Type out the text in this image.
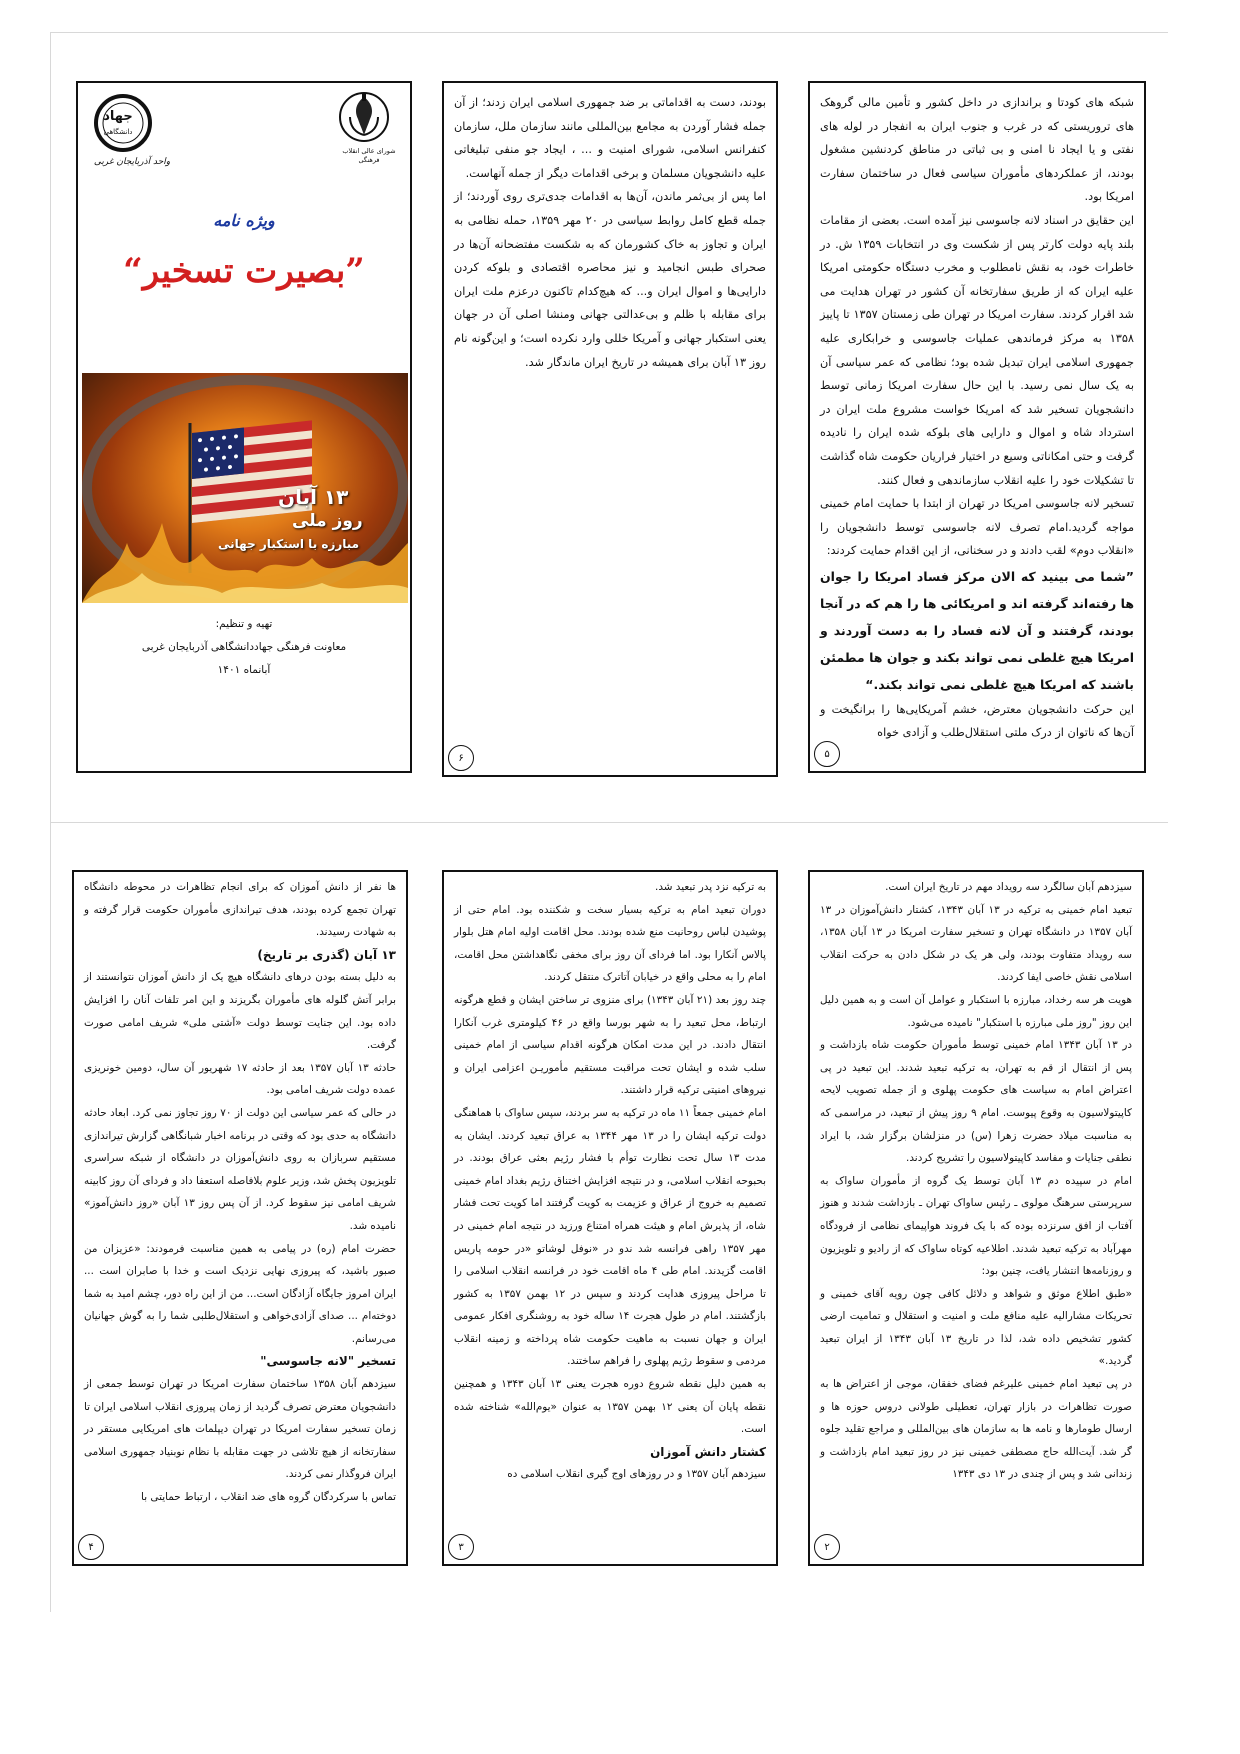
جهاد
دانشگاهی
واحد آذربایجان غربی
شورای عالی انقلاب فرهنگی
ویژه نامه
”بصیرت تسخیر“
۱۳ آبان
روز ملی
مبارزه با استکبار جهانی
تهیه و تنظیم:
معاونت فرهنگی جهاددانشگاهی آذربایجان غربی
آبانماه ۱۴۰۱

بودند، دست به اقداماتی بر ضد جمهوری اسلامی ایران زدند؛ از آن جمله فشار آوردن به مجامع بین‌المللی مانند سازمان ملل، سازمان کنفرانس اسلامی، شورای امنیت و ... ، ایجاد جو منفی تبلیغاتی علیه دانشجویان مسلمان و برخی اقدامات دیگر از جمله آنهاست.

اما پس از بی‌ثمر ماندن، آن‌ها به اقدامات جدی‌تری روی آوردند؛ از جمله قطع کامل روابط سیاسی در ۲۰ مهر ۱۳۵۹، حمله نظامی به ایران و تجاوز به خاک کشورمان که به شکست مفتضحانه آن‌ها در صحرای طبس انجامید و نیز محاصره اقتصادی و بلوکه کردن دارایی‌ها و اموال ایران و... که هیچ‌کدام تاکنون درعزم ملت ایران برای مقابله با ظلم و بی‌عدالتی جهانی ومنشا اصلی آن در جهان یعنی استکبار جهانی و آمریکا خللی وارد نکرده است؛ و این‌گونه نام روز ۱۳ آبان برای همیشه در تاریخ ایران ماندگار شد.

۶

شبکه های کودتا و براندازی در داخل کشور و تأمین مالی گروهک های تروریستی که در غرب و جنوب ایران به انفجار در لوله های نفتی و یا ایجاد نا امنی و بی ثباتی در مناطق کردنشین مشغول بودند، از عملکردهای مأموران سیاسی فعال در ساختمان سفارت امریکا بود.

این حقایق در اسناد لانه جاسوسی نیز آمده است. بعضی از مقامات بلند پایه دولت کارتر پس از شکست وی در انتخابات ۱۳۵۹ ش. در خاطرات خود، به نقش نامطلوب و مخرب دستگاه حکومتی امریکا علیه ایران که از طریق سفارتخانه آن کشور در تهران هدایت می شد اقرار کردند. سفارت امریکا در تهران طی زمستان ۱۳۵۷ تا پاییز ۱۳۵۸ به مرکز فرماندهی عملیات جاسوسی و خرابکاری علیه جمهوری اسلامی ایران تبدیل شده بود؛ نظامی که عمر سیاسی آن به یک سال نمی رسید. با این حال سفارت امریکا زمانی توسط دانشجویان تسخیر شد که امریکا خواست مشروع ملت ایران در استرداد شاه و اموال و دارایی های بلوکه شده ایران را نادیده گرفت و حتی امکاناتی وسیع در اختیار فراریان حکومت شاه گذاشت تا تشکیلات خود را علیه انقلاب سازماندهی و فعال کنند.

تسخیر لانه جاسوسی امریکا در تهران از ابتدا با حمایت امام خمینی مواجه گردید.امام تصرف لانه جاسوسی توسط دانشجویان را «انقلاب دوم» لقب دادند و در سخنانی، از این اقدام حمایت کردند:

”شما می بینید که الان مرکز فساد امریکا را جوان ها رفته‌اند گرفته اند و امریکائی ها را هم که در آنجا بودند، گرفتند و آن لانه فساد را به دست آوردند و امریکا هیچ غلطی نمی تواند بکند و جوان ها مطمئن باشند که امریکا هیچ غلطی نمی تواند بکند.“

این حرکت دانشجویان معترض، خشم آمریکایی‌ها را برانگیخت و آن‌ها که ناتوان از درک ملتی استقلال‌طلب و آزادی خواه

۵

ها نفر از دانش آموزان که برای انجام تظاهرات در محوطه دانشگاه تهران تجمع کرده بودند، هدف تیراندازی مأموران حکومت قرار گرفته و به شهادت رسیدند.

۱۳ آبان (گذری بر تاریخ)

به دلیل بسته بودن درهای دانشگاه هیچ یک از دانش آموزان نتوانستند از برابر آتش گلوله های مأموران بگریزند و این امر تلفات آنان را افزایش داده بود. این جنایت توسط دولت «آشتی ملی» شریف امامی صورت گرفت.

حادثه ۱۳ آبان ۱۳۵۷ بعد از حادثه ۱۷ شهریور آن سال، دومین خونریزی عمده دولت شریف امامی بود.

در حالی که عمر سیاسی این دولت از ۷۰ روز تجاوز نمی کرد. ابعاد حادثه دانشگاه به حدی بود که وقتی در برنامه اخبار شبانگاهی گزارش تیراندازی مستقیم سربازان به روی دانش‌آموزان در دانشگاه از شبکه سراسری تلویزیون پخش شد، وزیر علوم بلافاصله استعفا داد و فردای آن روز کابینه شریف امامی نیز سقوط کرد. از آن پس روز ۱۳ آبان «روز دانش‌آموز» نامیده شد.

حضرت امام (ره) در پیامی به همین مناسبت فرمودند: «عزیزان من صبور باشید، که پیروزی نهایی نزدیک است و خدا با صابران است ... ایران امروز جایگاه آزادگان است... من از این راه دور، چشم امید به شما دوخته‌ام ... صدای آزادی‌خواهی و استقلال‌طلبی شما را به گوش جهانیان می‌رسانم.

تسخیر "لانه جاسوسی"

سیزدهم آبان ۱۳۵۸ ساختمان سفارت امریکا در تهران توسط جمعی از دانشجویان معترض تصرف گردید از زمان پیروزی انقلاب اسلامی ایران تا زمان تسخیر سفارت امریکا در تهران دیپلمات های امریکایی مستقر در سفارتخانه از هیچ تلاشی در جهت مقابله با نظام نوبنیاد جمهوری اسلامی ایران فروگذار نمی کردند.

تماس با سرکردگان گروه های ضد انقلاب ، ارتباط حمایتی با

۴

به ترکیه نزد پدر تبعید شد.

دوران تبعید امام به ترکیه بسیار سخت و شکننده بود. امام حتی از پوشیدن لباس روحانیت منع شده بودند. محل اقامت اولیه امام هتل بلوار پالاس آنکارا بود. اما فردای آن روز برای مخفی نگاهداشتن محل اقامت، امام را به محلی واقع در خیابان آتاترک منتقل کردند.

چند روز بعد (۲۱ آبان ۱۳۴۳) برای منزوی تر ساختن ایشان و قطع هرگونه ارتباط، محل تبعید را به شهر بورسا واقع در ۴۶ کیلومتری غرب آنکارا انتقال دادند. در این مدت امکان هرگونه اقدام سیاسی از امام خمینی سلب شده و ایشان تحت مراقبت مستقیم مأموریـن اعزامی ایران و نیروهای امنیتی ترکیه قرار داشتند.

امام خمینی جمعاً ۱۱ ماه در ترکیه به سر بردند، سپس ساواک با هماهنگی دولت ترکیه ایشان را در ۱۳ مهر ۱۳۴۴ به عراق تبعید کردند. ایشان به مدت ۱۳ سال تحت نظارت توأم با فشار رژیم بعثی عراق بودند. در بحبوحه انقلاب اسلامی، و در نتیجه افزایش اختناق رژیم بغداد امام خمینی تصمیم به خروج از عراق و عزیمت به کویت گرفتند اما کویت تحت فشار شاه، از پذیرش امام و هیئت همراه امتناع ورزید در نتیجه امام خمینی در مهر ۱۳۵۷ راهی فرانسه شد ندو در «نوفل لوشاتو «در حومه پاریس اقامت گزیدند. امام طی ۴ ماه اقامت خود در فرانسه انقلاب اسلامی را تا مراحل پیروزی هدایت کردند و سپس در ۱۲ بهمن ۱۳۵۷ به کشور بازگشتند. امام در طول هجرت ۱۴ ساله خود به روشنگری افکار عمومی ایران و جهان نسبت به ماهیت حکومت شاه پرداخته و زمینه انقلاب مردمی و سقوط رژیم پهلوی را فراهم ساختند.

به همین دلیل نقطه شروع دوره هجرت یعنی ۱۳ آبان ۱۳۴۳ و همچنین نقطه پایان آن یعنی ۱۲ بهمن ۱۳۵۷ به عنوان «یوم‌الله» شناخته شده است.

کشتار دانش آموزان

سیزدهم آبان ۱۳۵۷ و در روزهای اوج گیری انقلاب اسلامی ده

۳

سیزدهم آبان سالگرد سه رویداد مهم در تاریخ ایران است.

تبعید امام خمینی به ترکیه در ۱۳ آبان ۱۳۴۳، کشتار دانش‌آموزان در ۱۳ آبان ۱۳۵۷ در دانشگاه تهران و تسخیر سفارت امریکا در ۱۳ آبان ۱۳۵۸، سه رویداد متفاوت بودند، ولی هر یک در شکل دادن به حرکت انقلاب اسلامی نقش خاصی ایفا کردند.

هویت هر سه رخداد، مبارزه با استکبار و عوامل آن است و به همین دلیل این روز "روز ملی مبارزه با استکبار" نامیده می‌شود.

در ۱۳ آبان ۱۳۴۳ امام خمینی توسط مأموران حکومت شاه بازداشت و پس از انتقال از قم به تهران، به ترکیه تبعید شدند. این تبعید در پی اعتراض امام به سیاست های حکومت پهلوی و از جمله تصویب لایحه کاپیتولاسیون به وقوع پیوست. امام ۹ روز پیش از تبعید، در مراسمی که به مناسبت میلاد حضرت زهرا (س) در منزلشان برگزار شد، با ایراد نطقی جنایات و مفاسد کاپیتولاسیون را تشریح کردند.

امام در سپیده دم ۱۳ آبان توسط یک گروه از مأموران ساواک به سرپرستی سرهنگ مولوی ـ رئیس ساواک تهران ـ بازداشت شدند و هنوز آفتاب از افق سرنزده بوده که با یک فروند هواپیمای نظامی از فرودگاه مهرآباد به ترکیه تبعید شدند. اطلاعیه کوتاه ساواک که از رادیو و تلویزیون و روزنامه‌ها انتشار یافت، چنین بود:

«طبق اطلاع موثق و شواهد و دلائل کافی چون رویه آقای خمینی و تحریکات مشارالیه علیه منافع ملت و امنیت و استقلال و تمامیت ارضی کشور تشخیص داده شد، لذا در تاریخ ۱۳ آبان ۱۳۴۳ از ایران تبعید گردید.»

در پی تبعید امام خمینی علیرغم فضای خفقان، موجی از اعتراض ها به صورت تظاهرات در بازار تهران، تعطیلی طولانی دروس حوزه ها و ارسال طومارها و نامه ها به سازمان های بین‌المللی و مراجع تقلید جلوه گر شد. آیت‌الله حاج مصطفی خمینی نیز در روز تبعید امام بازداشت و زندانی شد و پس از چندی در ۱۳ دی ۱۳۴۳

۲
